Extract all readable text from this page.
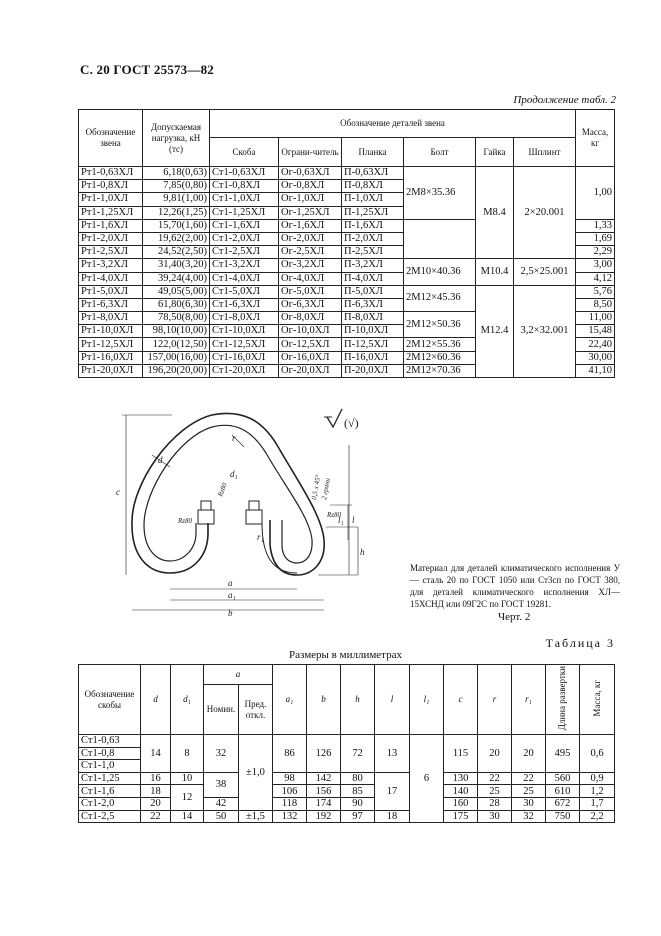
С. 20 ГОСТ 25573—82
Продолжение табл. 2
Обозначение звена	Допускаемая нагрузка, кН (тс)	Обозначение деталей звена						Масса, кг
		Скоба	Ограни-читель	Планка	Болт	Гайка	Шплинт	
Рт1-0,63ХЛ	6,18(0,63)	Ст1-0,63ХЛ	Ог-0,63ХЛ	П-0,63ХЛ	2М8×35.36	М8.4	2×20.001	1,00
Рт1-0,8ХЛ	7,85(0,80)	Ст1-0,8ХЛ	Ог-0,8ХЛ	П-0,8ХЛ				
Рт1-1,0ХЛ	9,81(1,00)	Ст1-1,0ХЛ	Ог-1,0ХЛ	П-1,0ХЛ				
Рт1-1,25ХЛ	12,26(1,25)	Ст1-1,25ХЛ	Ог-1,25ХЛ	П-1,25ХЛ				
Рт1-1,6ХЛ	15,70(1,60)	Ст1-1,6ХЛ	Ог-1,6ХЛ	П-1,6ХЛ				1,33
Рт1-2,0ХЛ	19,62(2,00)	Ст1-2,0ХЛ	Ог-2,0ХЛ	П-2,0ХЛ				1,69
Рт1-2,5ХЛ	24,52(2,50)	Ст1-2,5ХЛ	Ог-2,5ХЛ	П-2,5ХЛ				2,29
Рт1-3,2ХЛ	31,40(3,20)	Ст1-3,2ХЛ	Ог-3,2ХЛ	П-3,2ХЛ	2М10×40.36	М10.4	2,5×25.001	3,00
Рт1-4,0ХЛ	39,24(4,00)	Ст1-4,0ХЛ	Ог-4,0ХЛ	П-4,0ХЛ				4,12
Рт1-5,0ХЛ	49,05(5,00)	Ст1-5,0ХЛ	Ог-5,0ХЛ	П-5,0ХЛ	2М12×45.36	М12.4	3,2×32.001	5,76
Рт1-6,3ХЛ	61,80(6,30)	Ст1-6,3ХЛ	Ог-6,3ХЛ	П-6,3ХЛ				8,50
Рт1-8,0ХЛ	78,50(8,00)	Ст1-8,0ХЛ	Ог-8,0ХЛ	П-8,0ХЛ	2М12×50.36			11,00
Рт1-10,0ХЛ	98,10(10,00)	Ст1-10,0ХЛ	Ог-10,0ХЛ	П-10,0ХЛ				15,48
Рт1-12,5ХЛ	122,0(12,50)	Ст1-12,5ХЛ	Ог-12,5ХЛ	П-12,5ХЛ	2М12×55.36			22,40
Рт1-16,0ХЛ	157,00(16,00)	Ст1-16,0ХЛ	Ог-16,0ХЛ	П-16,0ХЛ	2М12×60.36			30,00
Рт1-20,0ХЛ	196,20(20,00)	Ст1-20,0ХЛ	Ог-20,0ХЛ	П-20,0ХЛ	2М12×70.36			41,10
c
d
d₁
r
r₁
Rz80
Rz80
Rz80
0,5 x 45°
2 грани
l
l₁
h
a
a₁
b
(√)
Материал для деталей климатического исполнения У — сталь 20 по ГОСТ 1050 или Ст3сп по ГОСТ 380, для деталей климатического исполнения ХЛ—15ХСНД или 09Г2С по ГОСТ 19281.
Черт. 2
Таблица 3
Размеры в миллиметрах
Обозначение скобы	d	d₁	a		a₁	b	h	l	l₁	c	r	r₁	Длина развертки	Масса, кг
			Номин.	Пред. откл.										
Ст1-0,63	14	8	32	±1,0	86	126	72	13	6	115	20	20	495	0,6
Ст1-0,8														
Ст1-1,0														
Ст1-1,25	16	10	38		98	142	80	17		130	22	22	560	0,9
Ст1-1,6	18	12			106	156	85			140	25	25	610	1,2
Ст1-2,0	20		42		118	174	90			160	28	30	672	1,7
Ст1-2,5	22	14	50	±1,5	132	192	97	18		175	30	32	750	2,2
